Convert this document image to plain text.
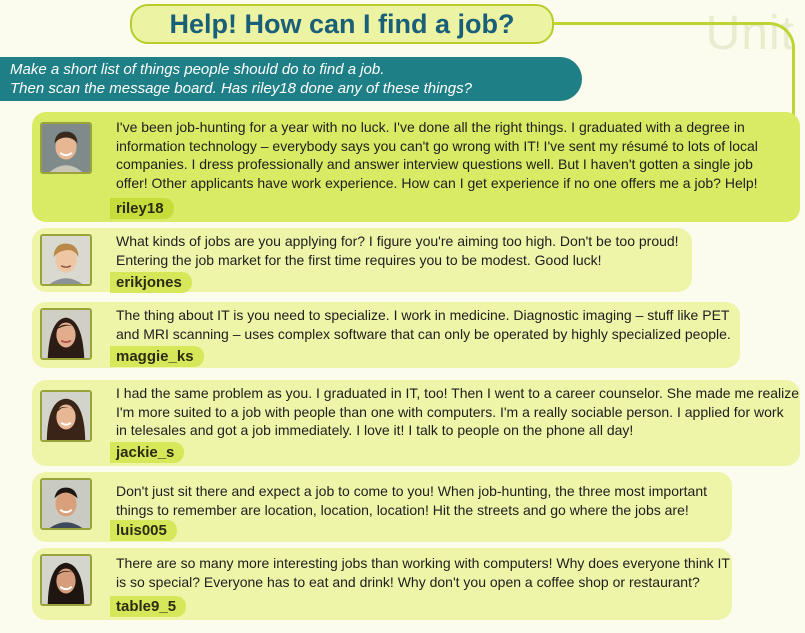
Unit
Help! How can I find a job?
Make a short list of things people should do to find a job.
Then scan the message board. Has riley18 done any of these things?
I've been job-hunting for a year with no luck. I've done all the right things. I graduated with a degree in
information technology – everybody says you can't go wrong with IT! I've sent my résumé to lots of local
companies. I dress professionally and answer interview questions well. But I haven't gotten a single job
offer! Other applicants have work experience. How can I get experience if no one offers me a job? Help!
riley18
What kinds of jobs are you applying for? I figure you're aiming too high. Don't be too proud!
Entering the job market for the first time requires you to be modest. Good luck!
erikjones
The thing about IT is you need to specialize. I work in medicine. Diagnostic imaging – stuff like PET
and MRI scanning – uses complex software that can only be operated by highly specialized people.
maggie_ks
I had the same problem as you. I graduated in IT, too! Then I went to a career counselor. She made me realize
I'm more suited to a job with people than one with computers. I'm a really sociable person. I applied for work
in telesales and got a job immediately. I love it! I talk to people on the phone all day!
jackie_s
Don't just sit there and expect a job to come to you! When job-hunting, the three most important
things to remember are location, location, location! Hit the streets and go where the jobs are!
luis005
There are so many more interesting jobs than working with computers! Why does everyone think IT
is so special? Everyone has to eat and drink! Why don't you open a coffee shop or restaurant?
table9_5
